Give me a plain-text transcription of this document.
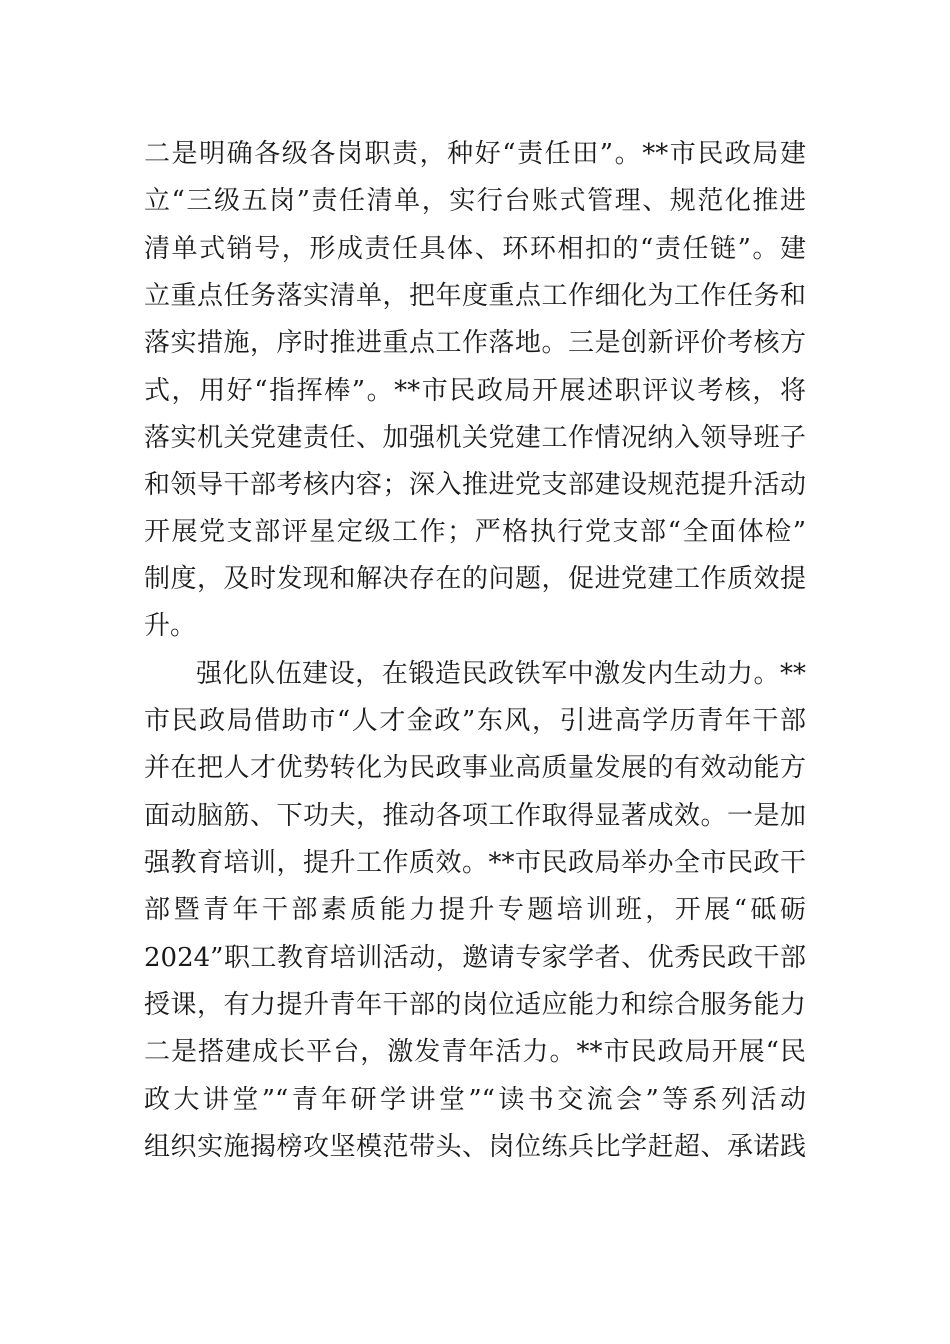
二是明确各级各岗职责，种好“责任田”。**市民政局建
立“三级五岗”责任清单，实行台账式管理、规范化推进
清单式销号，形成责任具体、环环相扣的“责任链”。建
立重点任务落实清单，把年度重点工作细化为工作任务和
落实措施，序时推进重点工作落地。三是创新评价考核方
式，用好“指挥棒”。**市民政局开展述职评议考核，将
落实机关党建责任、加强机关党建工作情况纳入领导班子
和领导干部考核内容；深入推进党支部建设规范提升活动
开展党支部评星定级工作；严格执行党支部“全面体检”
制度，及时发现和解决存在的问题，促进党建工作质效提
升。
强化队伍建设，在锻造民政铁军中激发内生动力。**
市民政局借助市“人才金政”东风，引进高学历青年干部
并在把人才优势转化为民政事业高质量发展的有效动能方
面动脑筋、下功夫，推动各项工作取得显著成效。一是加
强教育培训，提升工作质效。**市民政局举办全市民政干
部暨青年干部素质能力提升专题培训班，开展“砥砺
2024”职工教育培训活动，邀请专家学者、优秀民政干部
授课，有力提升青年干部的岗位适应能力和综合服务能力
二是搭建成长平台，激发青年活力。**市民政局开展“民
政大讲堂”“青年研学讲堂”“读书交流会”等系列活动
组织实施揭榜攻坚模范带头、岗位练兵比学赶超、承诺践
